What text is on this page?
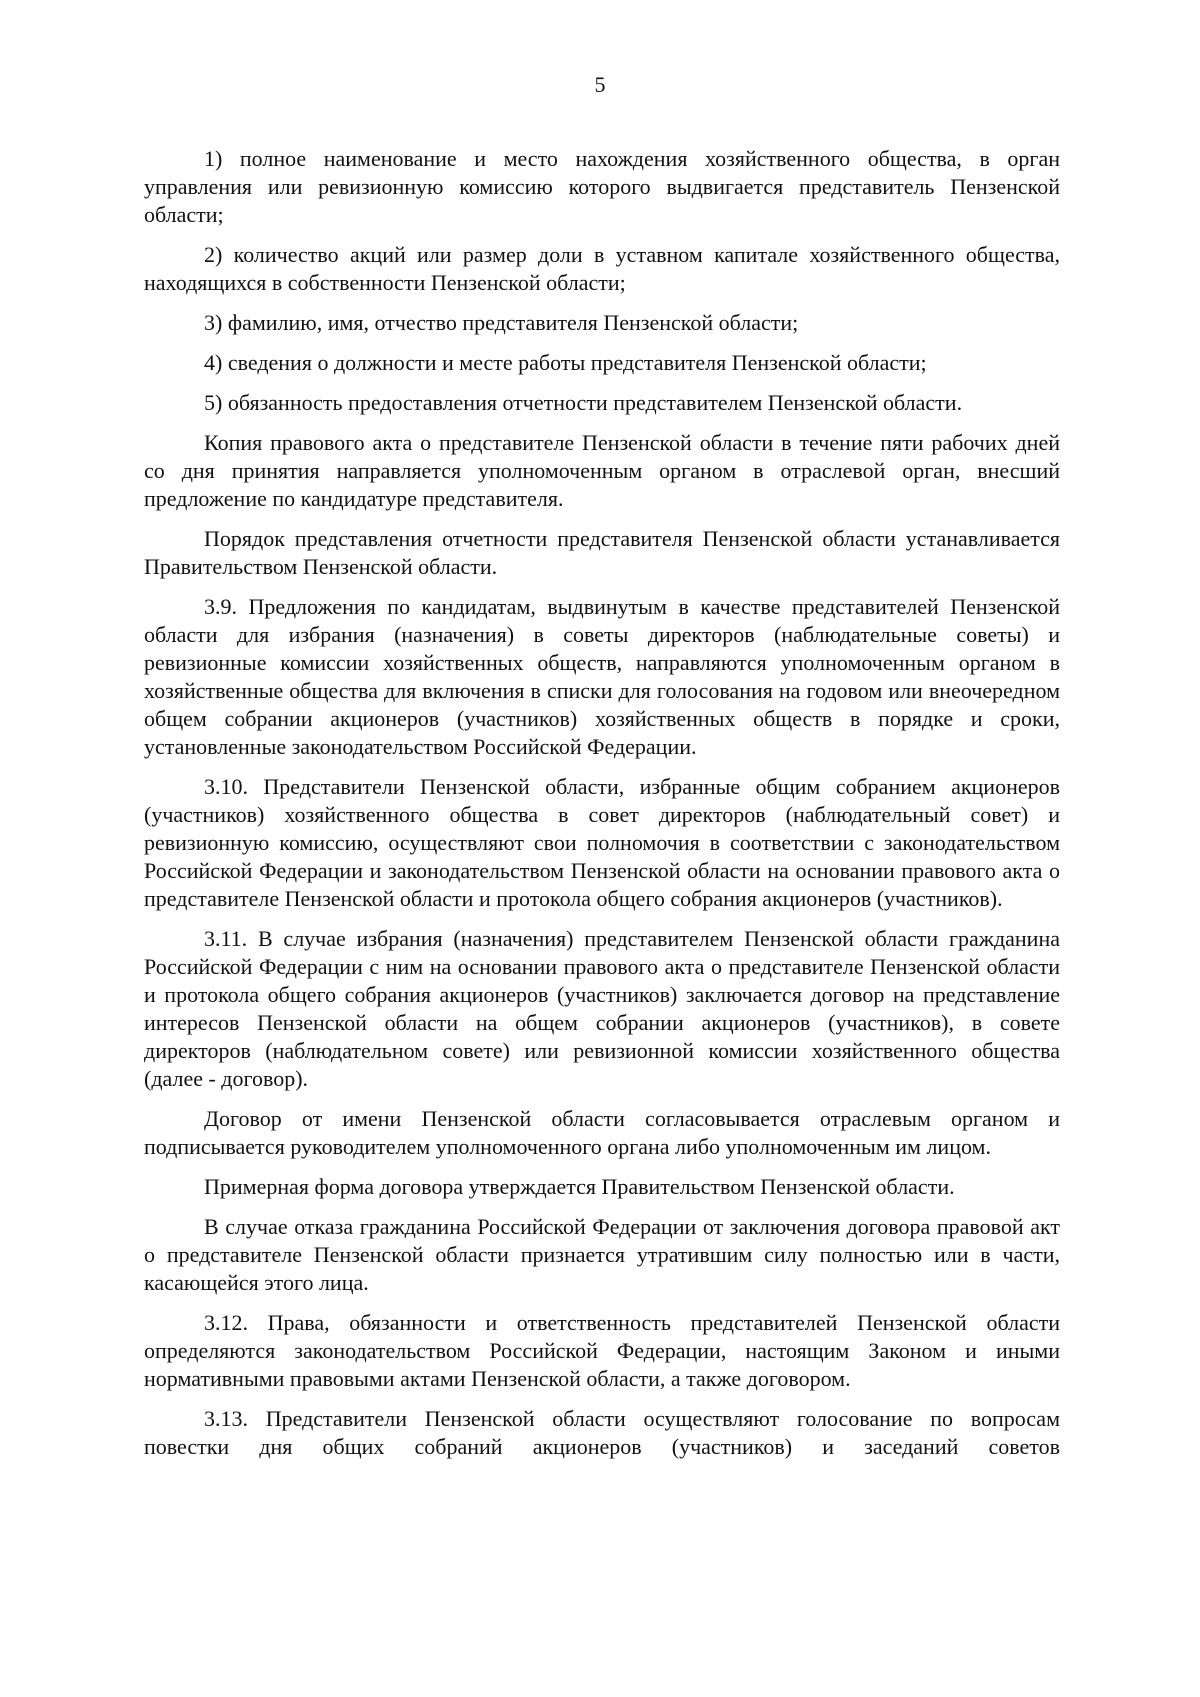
5

1) полное наименование и место нахождения хозяйственного общества, в орган управления или ревизионную комиссию которого выдвигается представитель Пензенской области;

2) количество акций или размер доли в уставном капитале хозяйственного общества, находящихся в собственности Пензенской области;

3) фамилию, имя, отчество представителя Пензенской области;

4) сведения о должности и месте работы представителя Пензенской области;

5) обязанность предоставления отчетности представителем Пензенской области.

Копия правового акта о представителе Пензенской области в течение пяти рабочих дней со дня принятия направляется уполномоченным органом в отраслевой орган, внесший предложение по кандидатуре представителя.

Порядок представления отчетности представителя Пензенской области устанавливается Правительством Пензенской области.

3.9. Предложения по кандидатам, выдвинутым в качестве представителей Пензенской области для избрания (назначения) в советы директоров (наблюдательные советы) и ревизионные комиссии хозяйственных обществ, направляются уполномоченным органом в хозяйственные общества для включения в списки для голосования на годовом или внеочередном общем собрании акционеров (участников) хозяйственных обществ в порядке и сроки, установленные законодательством Российской Федерации.

3.10. Представители Пензенской области, избранные общим собранием акционеров (участников) хозяйственного общества в совет директоров (наблюдательный совет) и ревизионную комиссию, осуществляют свои полномочия в соответствии с законодательством Российской Федерации и законодательством Пензенской области на основании правового акта о представителе Пензенской области и протокола общего собрания акционеров (участников).

3.11. В случае избрания (назначения) представителем Пензенской области гражданина Российской Федерации с ним на основании правового акта о представителе Пензенской области и протокола общего собрания акционеров (участников) заключается договор на представление интересов Пензенской области на общем собрании акционеров (участников), в совете директоров (наблюдательном совете) или ревизионной комиссии хозяйственного общества (далее - договор).

Договор от имени Пензенской области согласовывается отраслевым органом и подписывается руководителем уполномоченного органа либо уполномоченным им лицом.

Примерная форма договора утверждается Правительством Пензенской области.

В случае отказа гражданина Российской Федерации от заключения договора правовой акт о представителе Пензенской области признается утратившим силу полностью или в части, касающейся этого лица.

3.12. Права, обязанности и ответственность представителей Пензенской области определяются законодательством Российской Федерации, настоящим Законом и иными нормативными правовыми актами Пензенской области, а также договором.

3.13. Представители Пензенской области осуществляют голосование по вопросам повестки дня общих собраний акционеров (участников) и заседаний советов
